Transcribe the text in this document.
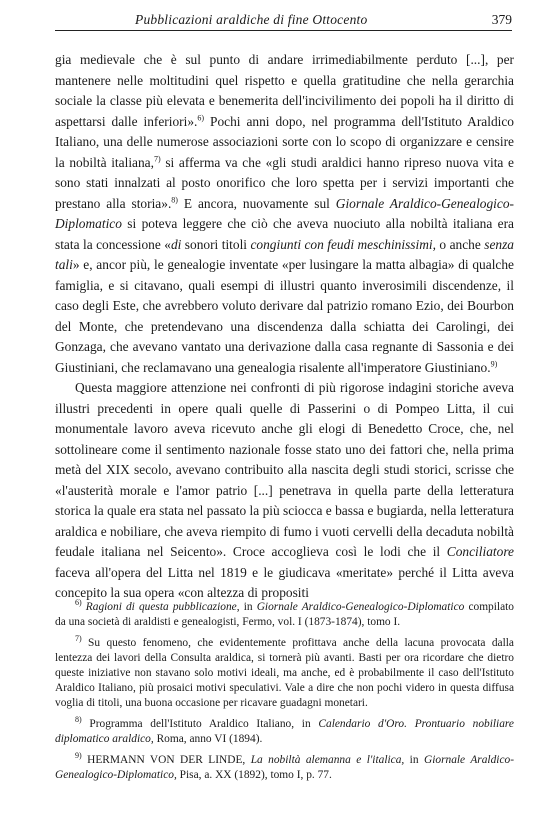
Pubblicazioni araldiche di fine Ottocento	379

gia medievale che è sul punto di andare irrimediabilmente perduto [...], per mantenere nelle moltitudini quel rispetto e quella gratitudine che nella gerarchia sociale la classe più elevata e benemerita dell'incivilimento dei popoli ha il diritto di aspettarsi dalle inferiori».$^{6)}$ Pochi anni dopo, nel programma dell'Istituto Araldico Italiano, una delle numerose associazioni sorte con lo scopo di organizzare e censire la nobiltà italiana,$^{7)}$ si afferma va che «gli studi araldici hanno ripreso nuova vita e sono stati innalzati al posto onorifico che loro spetta per i servizi importanti che prestano alla storia».$^{8)}$ E ancora, nuovamente sul Giornale Araldico-Genealogico-Diplomatico si poteva leggere che ciò che aveva nuociuto alla nobiltà italiana era stata la concessione «di sonori titoli congiunti con feudi meschinissimi, o anche senza tali» e, ancor più, le genealogie inventate «per lusingare la matta albagia» di qualche famiglia, e si citavano, quali esempi di illustri quanto inverosimili discendenze, il caso degli Este, che avrebbero voluto derivare dal patrizio romano Ezio, dei Bourbon del Monte, che pretendevano una discendenza dalla schiatta dei Carolingi, dei Gonzaga, che avevano vantato una derivazione dalla casa regnante di Sassonia e dei Giustiniani, che reclamavano una genealogia risalente all'imperatore Giustiniano.$^{9)}$

Questa maggiore attenzione nei confronti di più rigorose indagini storiche aveva illustri precedenti in opere quali quelle di Passerini o di Pompeo Litta, il cui monumentale lavoro aveva ricevuto anche gli elogi di Benedetto Croce, che, nel sottolineare come il sentimento nazionale fosse stato uno dei fattori che, nella prima metà del XIX secolo, avevano contribuito alla nascita degli studi storici, scrisse che «l'austerità morale e l'amor patrio [...] penetrava in quella parte della letteratura storica la quale era stata nel passato la più sciocca e bassa e bugiarda, nella letteratura araldica e nobiliare, che aveva riempito di fumo i vuoti cervelli della decaduta nobiltà feudale italiana nel Seicento». Croce accoglieva così le lodi che il Conciliatore faceva all'opera del Litta nel 1819 e le giudicava «meritate» perché il Litta aveva concepito la sua opera «con altezza di propositi

$^{6)}$ Ragioni di questa pubblicazione, in Giornale Araldico-Genealogico-Diplomatico compilato da una società di araldisti e genealogisti, Fermo, vol. I (1873-1874), tomo I.

$^{7)}$ Su questo fenomeno, che evidentemente profittava anche della lacuna provocata dalla lentezza dei lavori della Consulta araldica, si tornerà più avanti. Basti per ora ricordare che dietro queste iniziative non stavano solo motivi ideali, ma anche, ed è probabilmente il caso dell'Istituto Araldico Italiano, più prosaici motivi speculativi. Vale a dire che non pochi videro in questa diffusa voglia di titoli, una buona occasione per ricavare guadagni monetari.

$^{8)}$ Programma dell'Istituto Araldico Italiano, in Calendario d'Oro. Prontuario nobiliare diplomatico araldico, Roma, anno VI (1894).

$^{9)}$ HERMANN VON DER LINDE, La nobiltà alemanna e l'italica, in Giornale Araldico-Genealogico-Diplomatico, Pisa, a. XX (1892), tomo I, p. 77.
